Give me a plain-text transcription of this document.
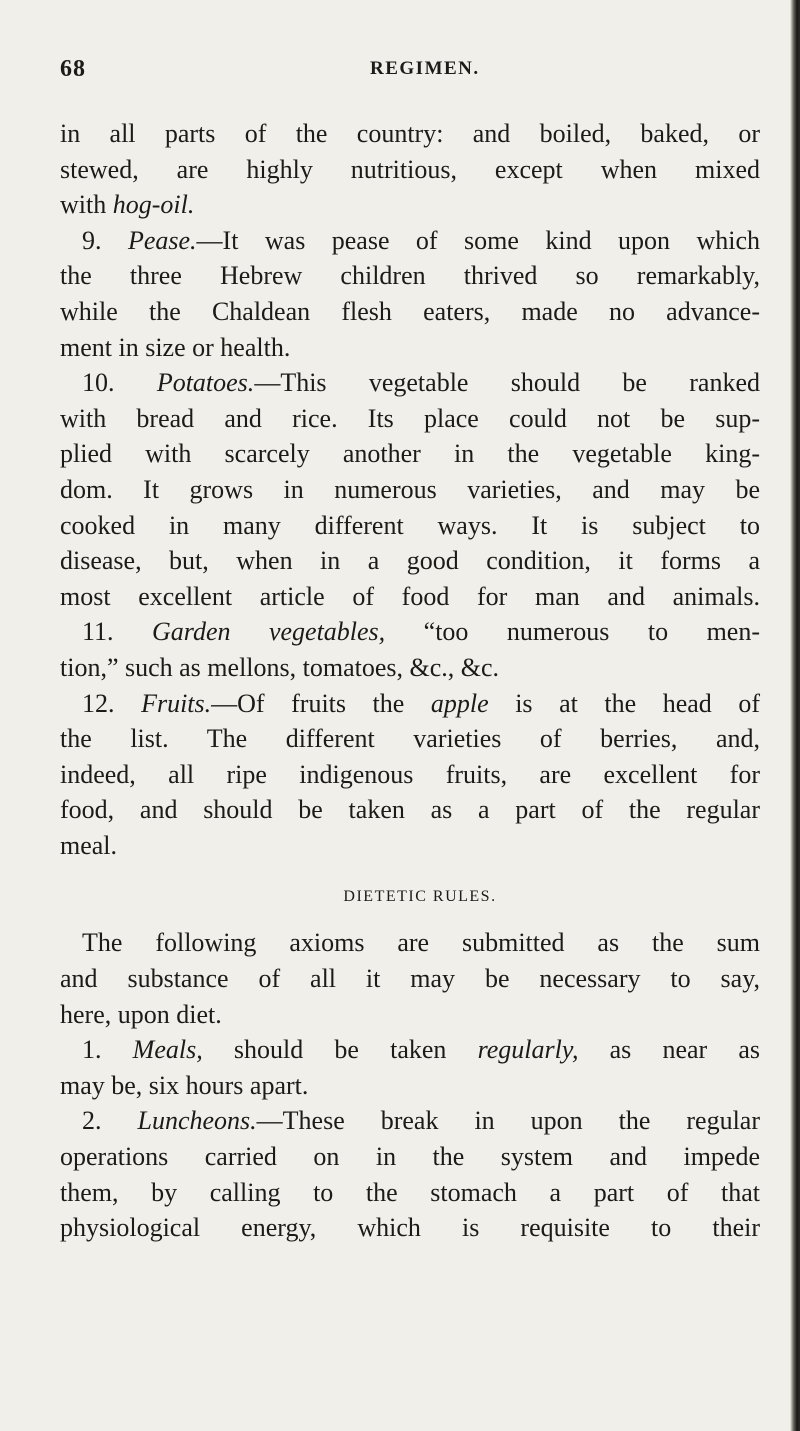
68	REGIMEN.
in all parts of the country: and boiled, baked, or
stewed, are highly nutritious, except when mixed
with hog-oil.
9. Pease.—It was pease of some kind upon which
the three Hebrew children thrived so remarkably,
while the Chaldean flesh eaters, made no advance-
ment in size or health.
10. Potatoes.—This vegetable should be ranked
with bread and rice. Its place could not be sup-
plied with scarcely another in the vegetable king-
dom. It grows in numerous varieties, and may be
cooked in many different ways. It is subject to
disease, but, when in a good condition, it forms a
most excellent article of food for man and animals.
11. Garden vegetables, “too numerous to men-
tion,” such as mellons, tomatoes, &c., &c.
12. Fruits.—Of fruits the apple is at the head of
the list. The different varieties of berries, and,
indeed, all ripe indigenous fruits, are excellent for
food, and should be taken as a part of the regular
meal.
DIETETIC RULES.
The following axioms are submitted as the sum
and substance of all it may be necessary to say,
here, upon diet.
1. Meals, should be taken regularly, as near as
may be, six hours apart.
2. Luncheons.—These break in upon the regular
operations carried on in the system and impede
them, by calling to the stomach a part of that
physiological energy, which is requisite to their
